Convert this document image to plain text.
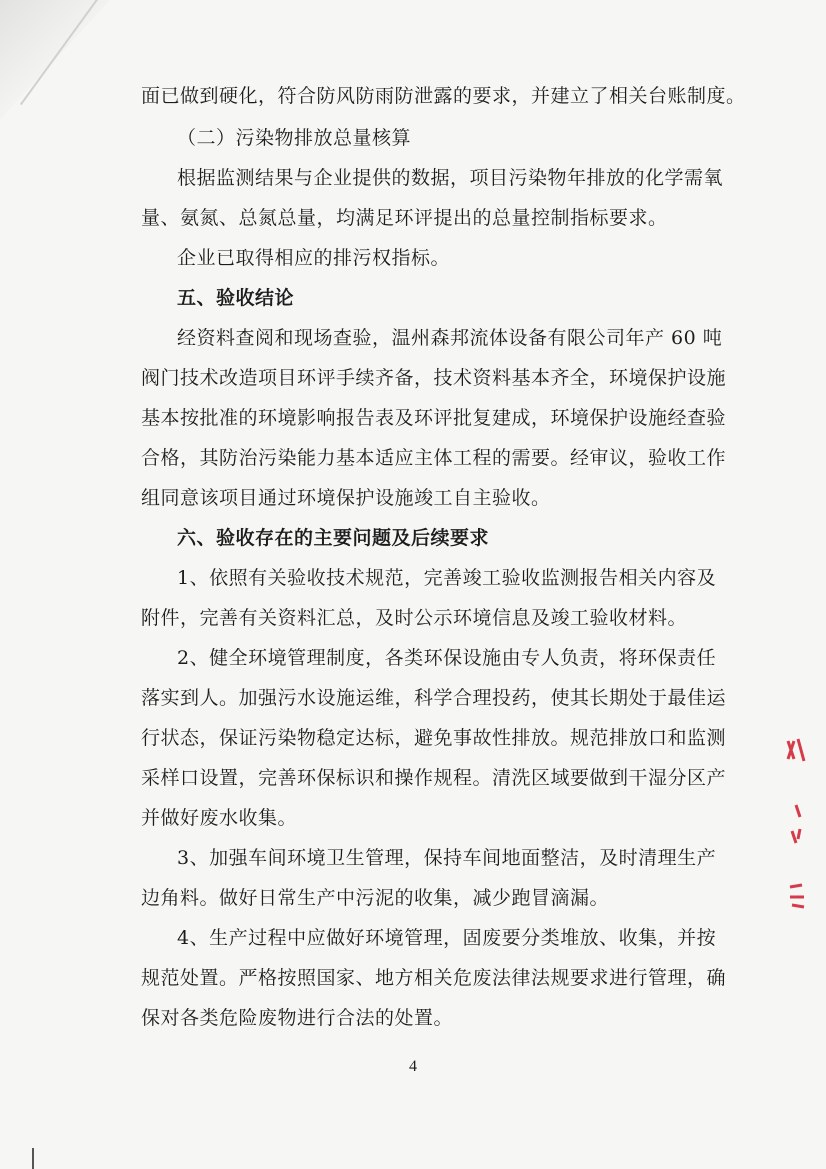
面已做到硬化，符合防风防雨防泄露的要求，并建立了相关台账制度。
（二）污染物排放总量核算
根据监测结果与企业提供的数据，项目污染物年排放的化学需氧
量、氨氮、总氮总量，均满足环评提出的总量控制指标要求。
企业已取得相应的排污权指标。
五、验收结论
经资料查阅和现场查验，温州森邦流体设备有限公司年产 60 吨
阀门技术改造项目环评手续齐备，技术资料基本齐全，环境保护设施
基本按批准的环境影响报告表及环评批复建成，环境保护设施经查验
合格，其防治污染能力基本适应主体工程的需要。经审议，验收工作
组同意该项目通过环境保护设施竣工自主验收。
六、验收存在的主要问题及后续要求
1、依照有关验收技术规范，完善竣工验收监测报告相关内容及
附件，完善有关资料汇总，及时公示环境信息及竣工验收材料。
2、健全环境管理制度，各类环保设施由专人负责，将环保责任
落实到人。加强污水设施运维，科学合理投药，使其长期处于最佳运
行状态，保证污染物稳定达标，避免事故性排放。规范排放口和监测
采样口设置，完善环保标识和操作规程。清洗区域要做到干湿分区产
并做好废水收集。
3、加强车间环境卫生管理，保持车间地面整洁，及时清理生产
边角料。做好日常生产中污泥的收集，减少跑冒滴漏。
4、生产过程中应做好环境管理，固废要分类堆放、收集，并按
规范处置。严格按照国家、地方相关危废法律法规要求进行管理，确
保对各类危险废物进行合法的处置。
4
